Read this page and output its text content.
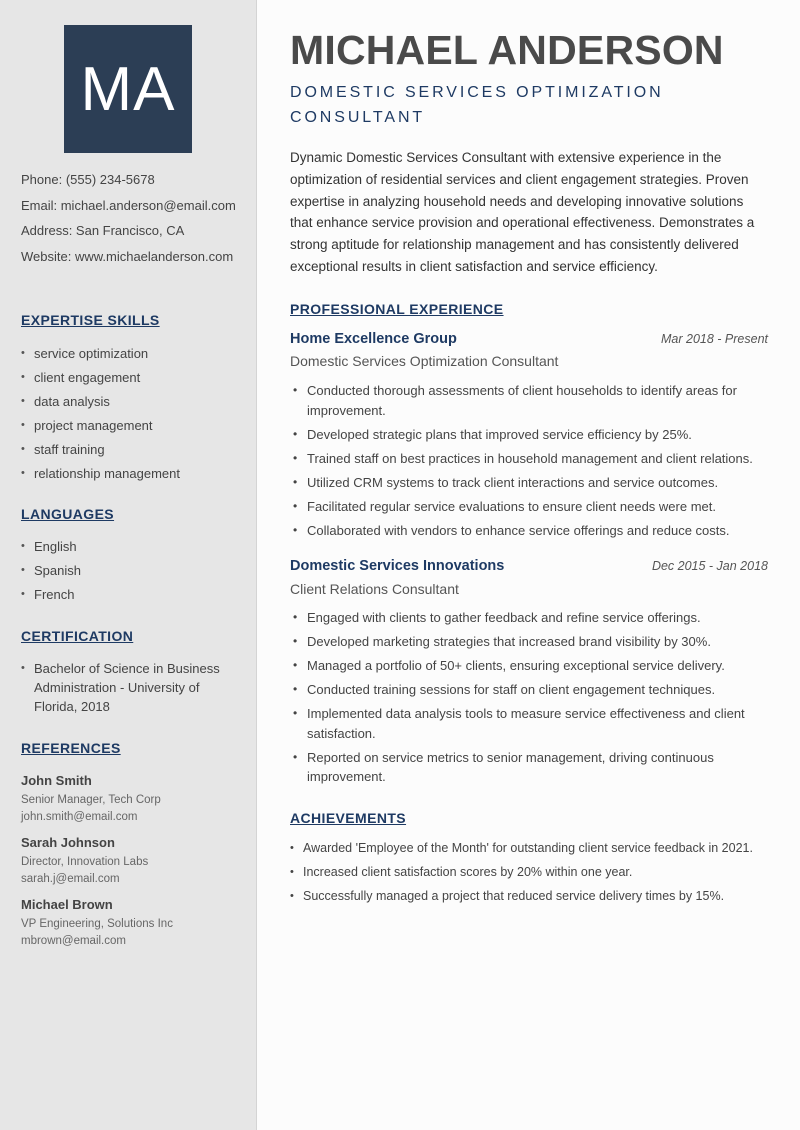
MA
Phone: (555) 234-5678
Email: michael.anderson@email.com
Address: San Francisco, CA
Website: www.michaelanderson.com
EXPERTISE SKILLS
• service optimization
• client engagement
• data analysis
• project management
• staff training
• relationship management
LANGUAGES
• English
• Spanish
• French
CERTIFICATION
• Bachelor of Science in Business Administration - University of Florida, 2018
REFERENCES
John Smith
Senior Manager, Tech Corp
john.smith@email.com
Sarah Johnson
Director, Innovation Labs
sarah.j@email.com
Michael Brown
VP Engineering, Solutions Inc
mbrown@email.com
MICHAEL ANDERSON
DOMESTIC SERVICES OPTIMIZATION CONSULTANT

Dynamic Domestic Services Consultant with extensive experience in the optimization of residential services and client engagement strategies. Proven expertise in analyzing household needs and developing innovative solutions that enhance service provision and operational effectiveness. Demonstrates a strong aptitude for relationship management and has consistently delivered exceptional results in client satisfaction and service efficiency.

PROFESSIONAL EXPERIENCE
Home Excellence Group	Mar 2018 - Present
Domestic Services Optimization Consultant
• Conducted thorough assessments of client households to identify areas for improvement.
• Developed strategic plans that improved service efficiency by 25%.
• Trained staff on best practices in household management and client relations.
• Utilized CRM systems to track client interactions and service outcomes.
• Facilitated regular service evaluations to ensure client needs were met.
• Collaborated with vendors to enhance service offerings and reduce costs.
Domestic Services Innovations	Dec 2015 - Jan 2018
Client Relations Consultant
• Engaged with clients to gather feedback and refine service offerings.
• Developed marketing strategies that increased brand visibility by 30%.
• Managed a portfolio of 50+ clients, ensuring exceptional service delivery.
• Conducted training sessions for staff on client engagement techniques.
• Implemented data analysis tools to measure service effectiveness and client satisfaction.
• Reported on service metrics to senior management, driving continuous improvement.
ACHIEVEMENTS
• Awarded 'Employee of the Month' for outstanding client service feedback in 2021.
• Increased client satisfaction scores by 20% within one year.
• Successfully managed a project that reduced service delivery times by 15%.
